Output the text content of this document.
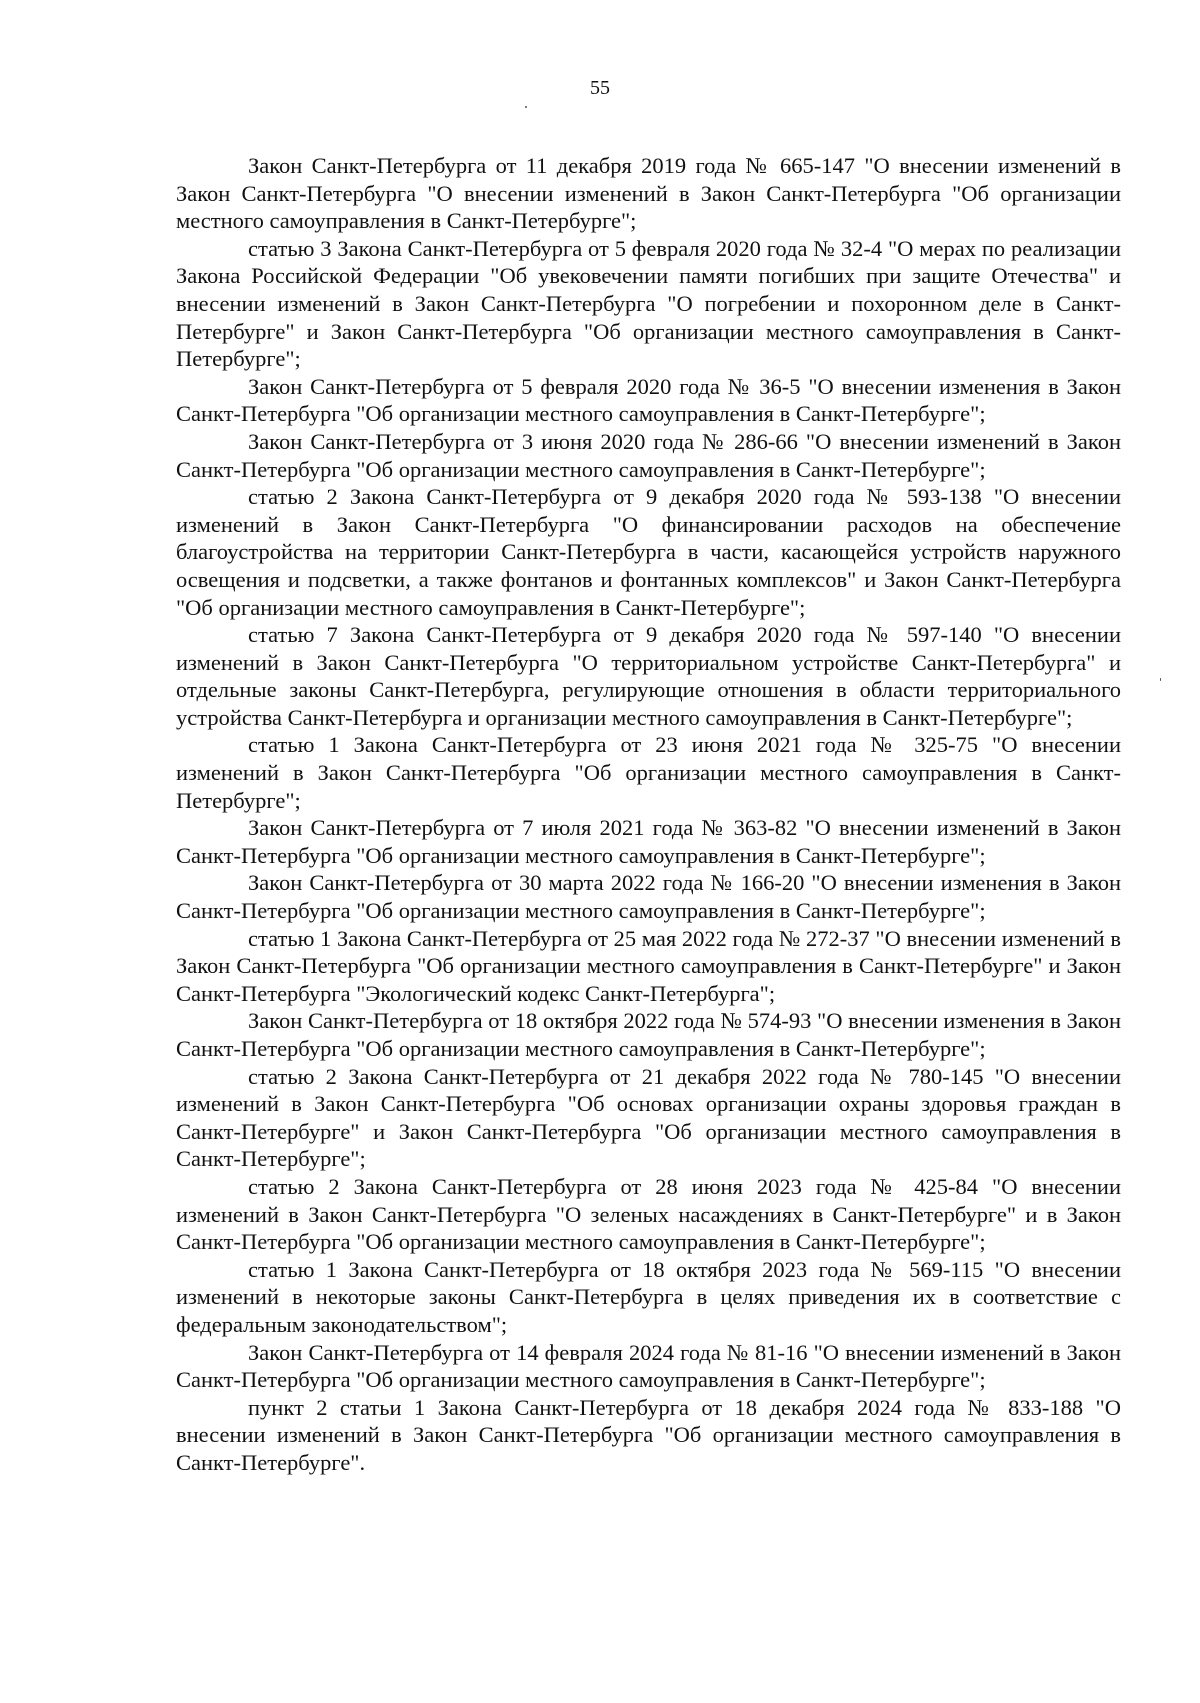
55

Закон Санкт-Петербурга от 11 декабря 2019 года № 665-147 "О внесении изменений в Закон Санкт-Петербурга "О внесении изменений в Закон Санкт-Петербурга "Об организации местного самоуправления в Санкт-Петербурге";

статью 3 Закона Санкт-Петербурга от 5 февраля 2020 года № 32-4 "О мерах по реализации Закона Российской Федерации "Об увековечении памяти погибших при защите Отечества" и внесении изменений в Закон Санкт-Петербурга "О погребении и похоронном деле в Санкт-Петербурге" и Закон Санкт-Петербурга "Об организации местного самоуправления в Санкт-Петербурге";

Закон Санкт-Петербурга от 5 февраля 2020 года № 36-5 "О внесении изменения в Закон Санкт-Петербурга "Об организации местного самоуправления в Санкт-Петербурге";

Закон Санкт-Петербурга от 3 июня 2020 года № 286-66 "О внесении изменений в Закон Санкт-Петербурга "Об организации местного самоуправления в Санкт-Петербурге";

статью 2 Закона Санкт-Петербурга от 9 декабря 2020 года № 593-138 "О внесении изменений в Закон Санкт-Петербурга "О финансировании расходов на обеспечение благоустройства на территории Санкт-Петербурга в части, касающейся устройств наружного освещения и подсветки, а также фонтанов и фонтанных комплексов" и Закон Санкт-Петербурга "Об организации местного самоуправления в Санкт-Петербурге";

статью 7 Закона Санкт-Петербурга от 9 декабря 2020 года № 597-140 "О внесении изменений в Закон Санкт-Петербурга "О территориальном устройстве Санкт-Петербурга" и отдельные законы Санкт-Петербурга, регулирующие отношения в области территориального устройства Санкт-Петербурга и организации местного самоуправления в Санкт-Петербурге";

статью 1 Закона Санкт-Петербурга от 23 июня 2021 года № 325-75 "О внесении изменений в Закон Санкт-Петербурга "Об организации местного самоуправления в Санкт-Петербурге";

Закон Санкт-Петербурга от 7 июля 2021 года № 363-82 "О внесении изменений в Закон Санкт-Петербурга "Об организации местного самоуправления в Санкт-Петербурге";

Закон Санкт-Петербурга от 30 марта 2022 года № 166-20 "О внесении изменения в Закон Санкт-Петербурга "Об организации местного самоуправления в Санкт-Петербурге";

статью 1 Закона Санкт-Петербурга от 25 мая 2022 года № 272-37 "О внесении изменений в Закон Санкт-Петербурга "Об организации местного самоуправления в Санкт-Петербурге" и Закон Санкт-Петербурга "Экологический кодекс Санкт-Петербурга";

Закон Санкт-Петербурга от 18 октября 2022 года № 574-93 "О внесении изменения в Закон Санкт-Петербурга "Об организации местного самоуправления в Санкт-Петербурге";

статью 2 Закона Санкт-Петербурга от 21 декабря 2022 года № 780-145 "О внесении изменений в Закон Санкт-Петербурга "Об основах организации охраны здоровья граждан в Санкт-Петербурге" и Закон Санкт-Петербурга "Об организации местного самоуправления в Санкт-Петербурге";

статью 2 Закона Санкт-Петербурга от 28 июня 2023 года № 425-84 "О внесении изменений в Закон Санкт-Петербурга "О зеленых насаждениях в Санкт-Петербурге" и в Закон Санкт-Петербурга "Об организации местного самоуправления в Санкт-Петербурге";

статью 1 Закона Санкт-Петербурга от 18 октября 2023 года № 569-115 "О внесении изменений в некоторые законы Санкт-Петербурга в целях приведения их в соответствие с федеральным законодательством";

Закон Санкт-Петербурга от 14 февраля 2024 года № 81-16 "О внесении изменений в Закон Санкт-Петербурга "Об организации местного самоуправления в Санкт-Петербурге";

пункт 2 статьи 1 Закона Санкт-Петербурга от 18 декабря 2024 года № 833-188 "О внесении изменений в Закон Санкт-Петербурга "Об организации местного самоуправления в Санкт-Петербурге".
